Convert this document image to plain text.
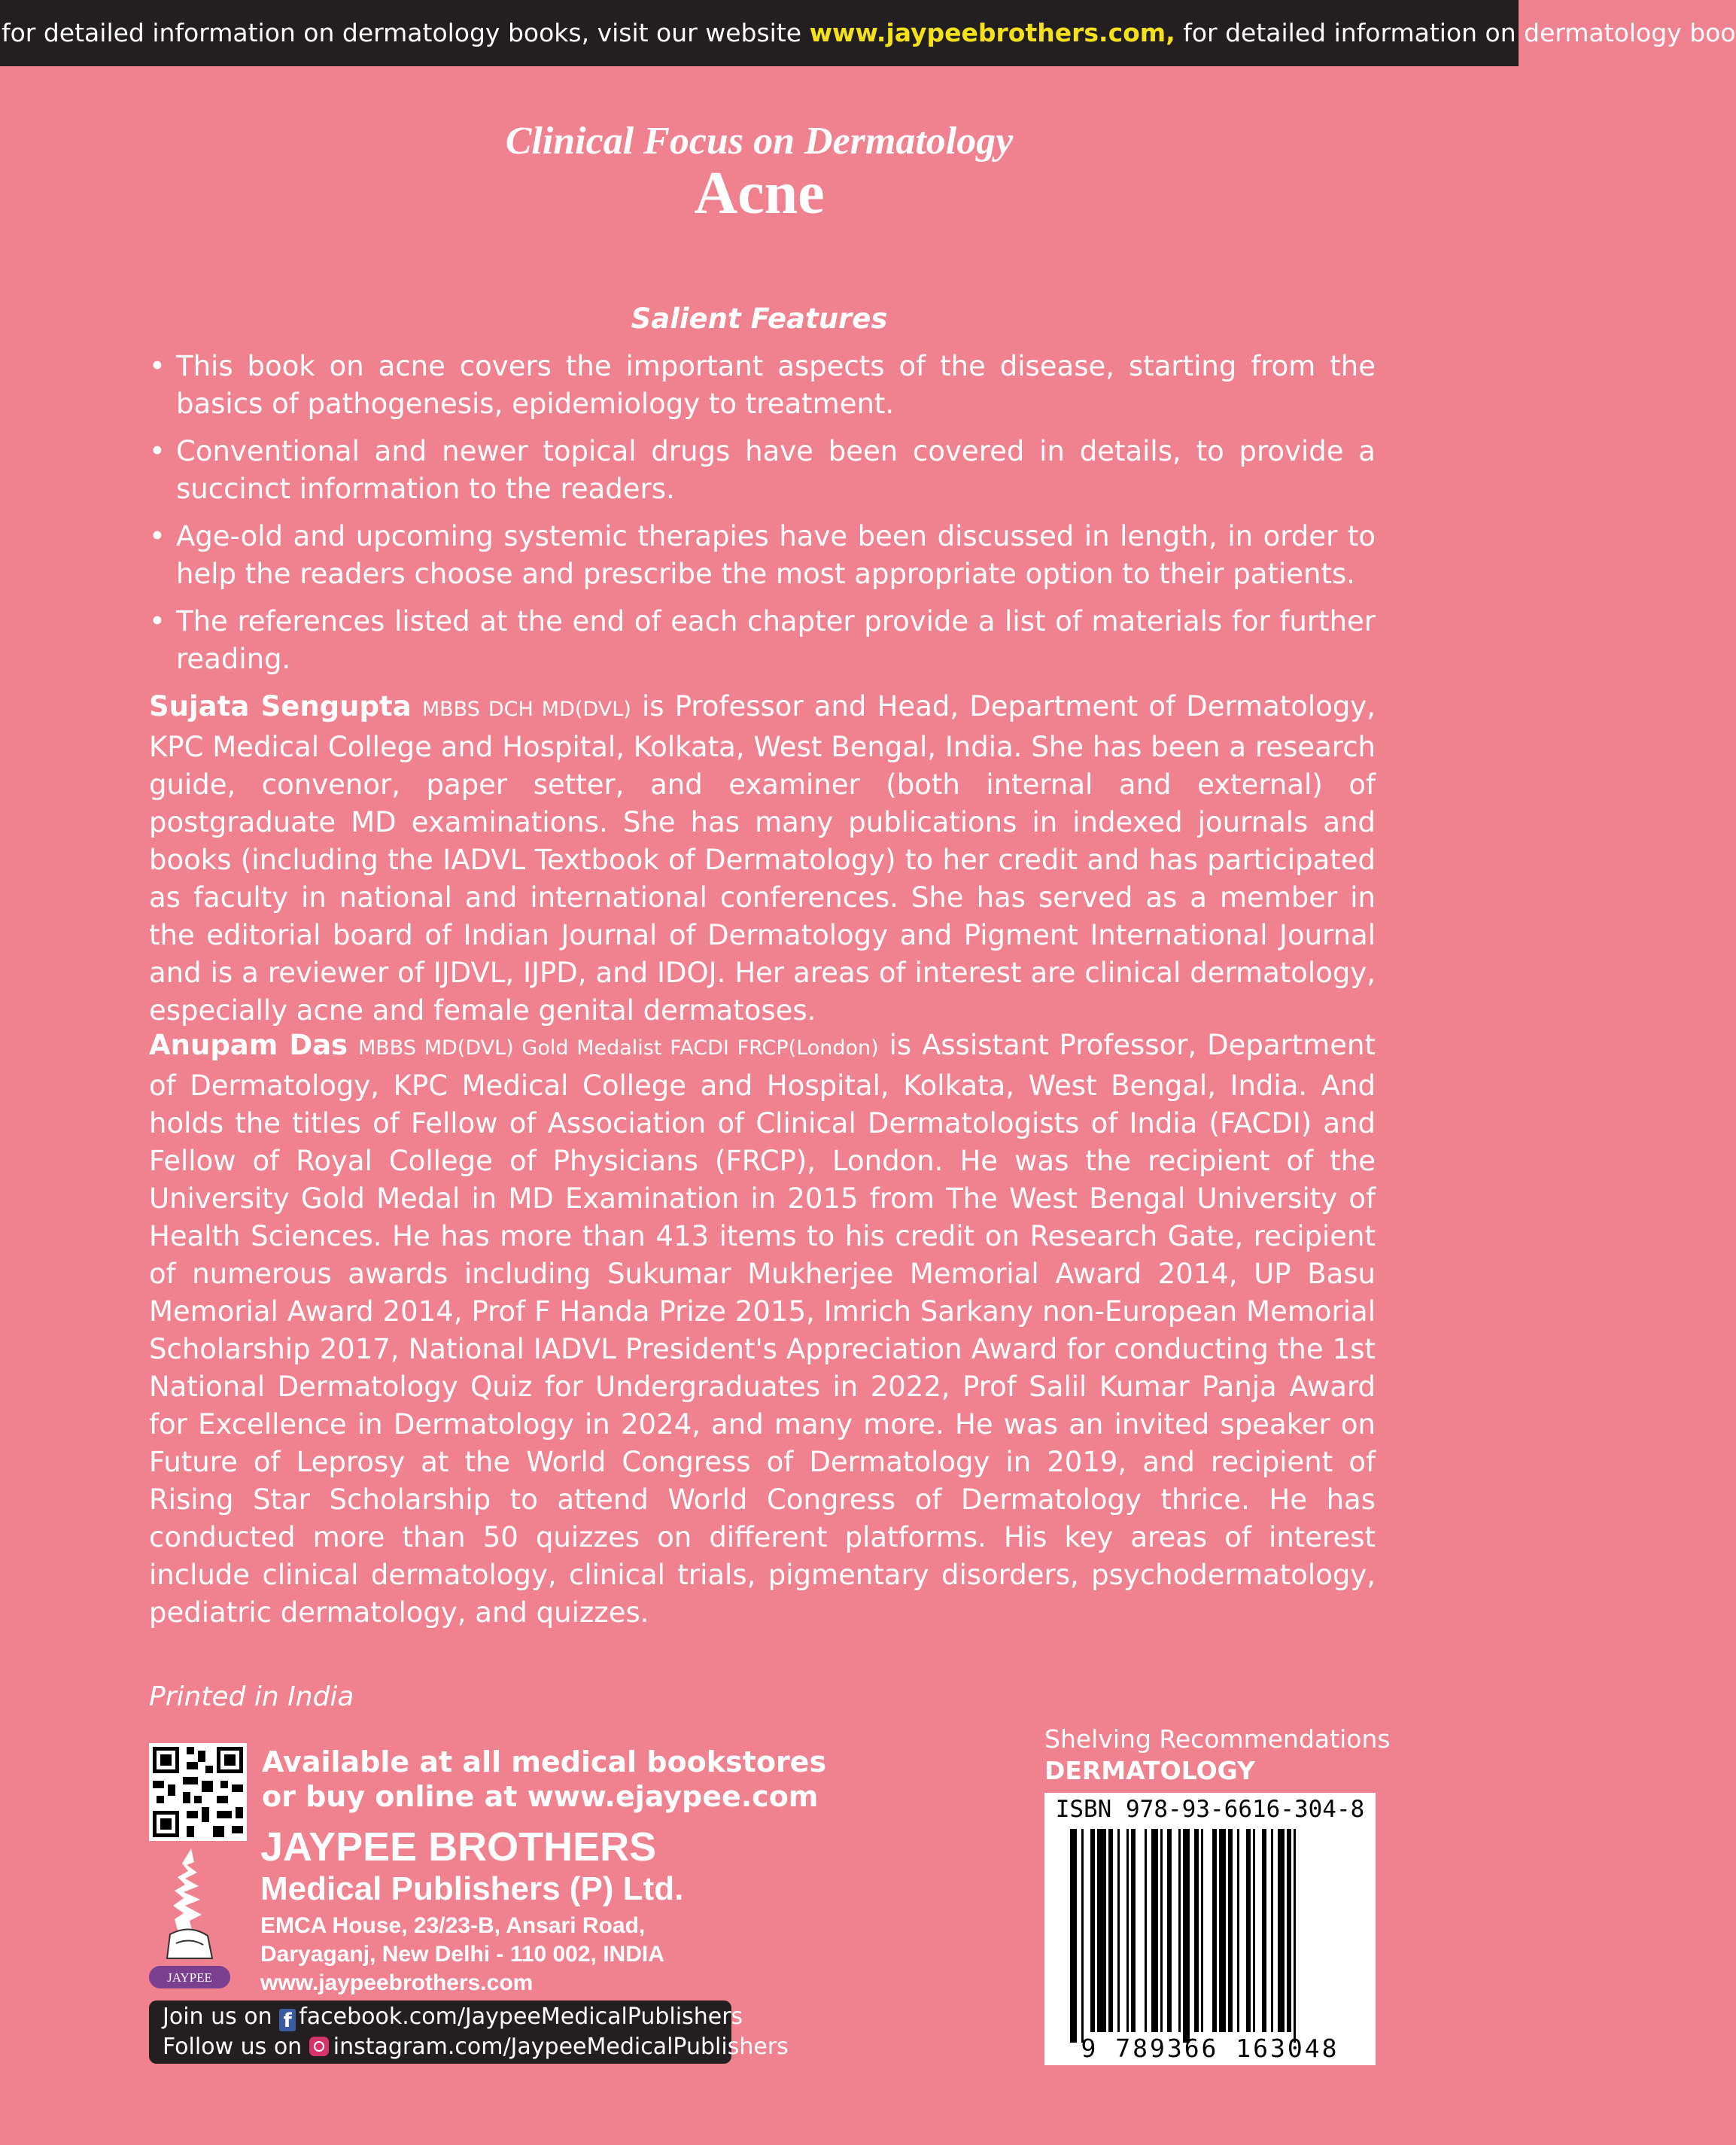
for detailed information on dermatology books, visit our website www.jaypeebrothers.com, for detailed information on dermatology boo
Clinical Focus on Dermatology
Acne
Salient Features
• This book on acne covers the important aspects of the disease, starting from the basics of pathogenesis, epidemiology to treatment.
• Conventional and newer topical drugs have been covered in details, to provide a succinct information to the readers.
• Age-old and upcoming systemic therapies have been discussed in length, in order to help the readers choose and prescribe the most appropriate option to their patients.
• The references listed at the end of each chapter provide a list of materials for further reading.

Sujata Sengupta MBBS DCH MD(DVL) is Professor and Head, Department of Dermatology, KPC Medical College and Hospital, Kolkata, West Bengal, India. She has been a research guide, convenor, paper setter, and examiner (both internal and external) of postgraduate MD examinations. She has many publications in indexed journals and books (including the IADVL Textbook of Dermatology) to her credit and has participated as faculty in national and international conferences. She has served as a member in the editorial board of Indian Journal of Dermatology and Pigment International Journal and is a reviewer of IJDVL, IJPD, and IDOJ. Her areas of interest are clinical dermatology, especially acne and female genital dermatoses.

Anupam Das MBBS MD(DVL) Gold Medalist FACDI FRCP(London) is Assistant Professor, Department of Dermatology, KPC Medical College and Hospital, Kolkata, West Bengal, India. And holds the titles of Fellow of Association of Clinical Dermatologists of India (FACDI) and Fellow of Royal College of Physicians (FRCP), London. He was the recipient of the University Gold Medal in MD Examination in 2015 from The West Bengal University of Health Sciences. He has more than 413 items to his credit on Research Gate, recipient of numerous awards including Sukumar Mukherjee Memorial Award 2014, UP Basu Memorial Award 2014, Prof F Handa Prize 2015, Imrich Sarkany non-European Memorial Scholarship 2017, National IADVL President's Appreciation Award for conducting the 1st National Dermatology Quiz for Undergraduates in 2022, Prof Salil Kumar Panja Award for Excellence in Dermatology in 2024, and many more. He was an invited speaker on Future of Leprosy at the World Congress of Dermatology in 2019, and recipient of Rising Star Scholarship to attend World Congress of Dermatology thrice. He has conducted more than 50 quizzes on different platforms. His key areas of interest include clinical dermatology, clinical trials, pigmentary disorders, psychodermatology, pediatric dermatology, and quizzes.

Printed in India
Available at all medical bookstores
or buy online at www.ejaypee.com
JAYPEE
JAYPEE BROTHERS
Medical Publishers (P) Ltd.
EMCA House, 23/23-B, Ansari Road,
Daryaganj, New Delhi - 110 002, INDIA
www.jaypeebrothers.com
Join us on f facebook.com/JaypeeMedicalPublishers
Follow us on instagram.com/JaypeeMedicalPublishers
Shelving Recommendations
DERMATOLOGY
ISBN 978-93-6616-304-8
9 789366 163048
